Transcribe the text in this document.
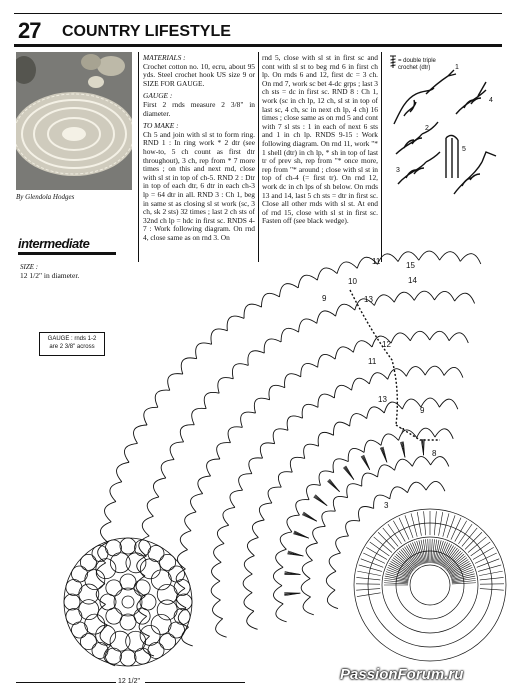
27 COUNTRY LIFESTYLE
By Glendola Hodges
intermediate
SIZE :
12 1/2" in diameter.
MATERIALS :
Crochet cotton no. 10, ecru, about 95 yds. Steel crochet hook US size 9 or SIZE FOR GAUGE.
GAUGE :
First 2 rnds measure 2 3/8" in diameter.
TO MAKE :
Ch 5 and join with sl st to form ring. RND 1 : In ring work * 2 dtr (see how-to, 5 ch count as first dtr throughout), 3 ch, rep from * 7 more times ; on this and next rnd, close with sl st in top of ch-5. RND 2 : Dtr in top of each dtr, 6 dtr in each ch-3 lp = 64 dtr in all. RND 3 : Ch 1, beg in same st as closing sl st work (sc, 3 ch, sk 2 sts) 32 times ; last 2 ch sts of 32nd ch lp = hdc in first sc. RNDS 4-7 : Work following diagram. On rnd 4, close same as on rnd 3. On
rnd 5, close with sl st in first sc and cont with sl st to beg rnd 6 in first ch lp. On rnds 6 and 12, first dc = 3 ch. On rnd 7, work sc bet 4-dc grps ; last 3 ch sts = dc in first sc. RND 8 : Ch 1, work (sc in ch lp, 12 ch, sl st in top of last sc, 4 ch, sc in next ch lp, 4 ch) 16 times ; close same as on rnd 5 and cont with 7 sl sts : 1 in each of next 6 sts and 1 in ch lp. RNDS 9-15 : Work following diagram. On rnd 11, work "* 1 shell (dtr) in ch lp, * sh in top of last tr of prev sh, rep from "* once more, rep from "* around ; close with sl st in top of ch-4 (= first tr). On rnd 12, work dc in ch lps of sh below. On rnds 13 and 14, last 5 ch sts = dtr in first sc. Close all other rnds with sl st. At end of rnd 15, close with sl st in first sc. Fasten off (see black wedge).
= double triple
crochet (dtr)	1
2
3
4
5
11	15
14
10
9	13
12
11
13
9
7
8
3
GAUGE : rnds 1-2
are 2 3/8" across
12 1/2"	PassionForum.ru
